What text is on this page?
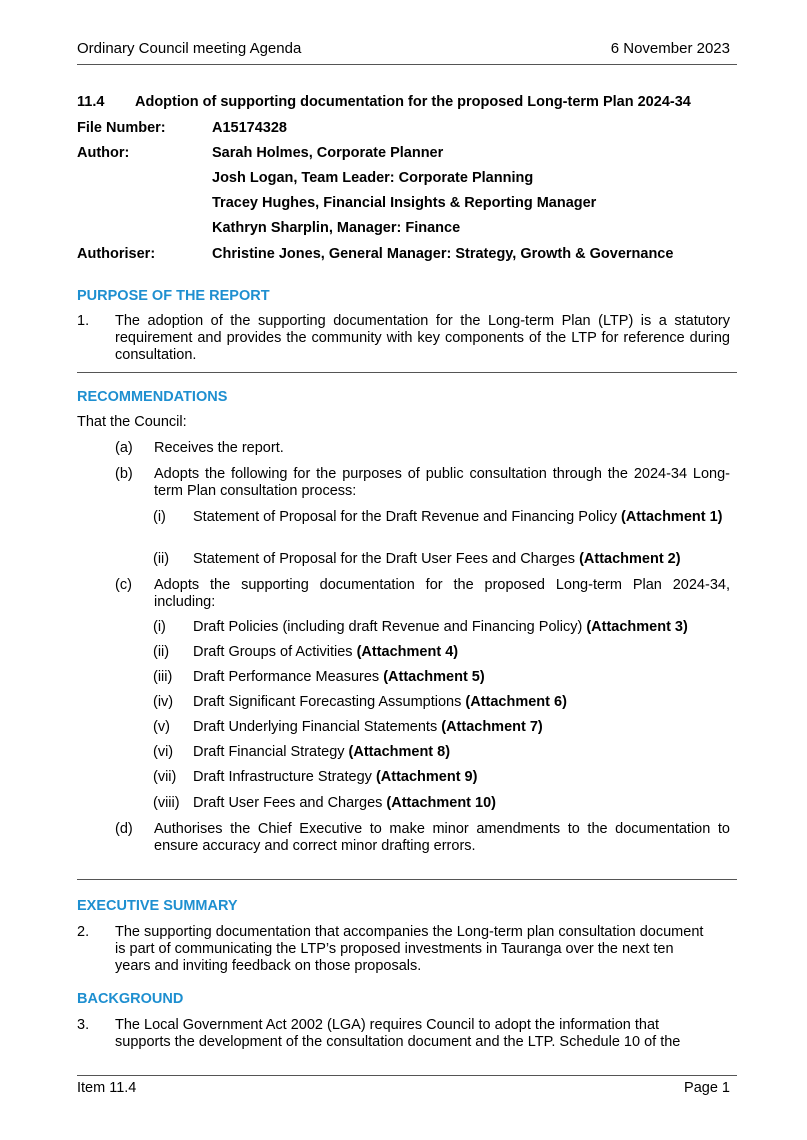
Ordinary Council meeting Agenda	6 November 2023
11.4 Adoption of supporting documentation for the proposed Long-term Plan 2024-34
File Number:	A15174328
Author:	Sarah Holmes, Corporate Planner
Josh Logan, Team Leader: Corporate Planning
Tracey Hughes, Financial Insights & Reporting Manager
Kathryn Sharplin, Manager: Finance
Authoriser:	Christine Jones, General Manager: Strategy, Growth & Governance
PURPOSE OF THE REPORT
1. The adoption of the supporting documentation for the Long-term Plan (LTP) is a statutory requirement and provides the community with key components of the LTP for reference during consultation.
RECOMMENDATIONS
That the Council:
(a) Receives the report.
(b) Adopts the following for the purposes of public consultation through the 2024-34 Long-term Plan consultation process:
(i) Statement of Proposal for the Draft Revenue and Financing Policy (Attachment 1)
(ii) Statement of Proposal for the Draft User Fees and Charges (Attachment 2)
(c) Adopts the supporting documentation for the proposed Long-term Plan 2024-34, including:
(i) Draft Policies (including draft Revenue and Financing Policy) (Attachment 3)
(ii) Draft Groups of Activities (Attachment 4)
(iii) Draft Performance Measures (Attachment 5)
(iv) Draft Significant Forecasting Assumptions (Attachment 6)
(v) Draft Underlying Financial Statements (Attachment 7)
(vi) Draft Financial Strategy (Attachment 8)
(vii) Draft Infrastructure Strategy (Attachment 9)
(viii) Draft User Fees and Charges (Attachment 10)
(d) Authorises the Chief Executive to make minor amendments to the documentation to ensure accuracy and correct minor drafting errors.
EXECUTIVE SUMMARY
2. The supporting documentation that accompanies the Long-term plan consultation document
is part of communicating the LTP’s proposed investments in Tauranga over the next ten
years and inviting feedback on those proposals.
BACKGROUND
3. The Local Government Act 2002 (LGA) requires Council to adopt the information that
supports the development of the consultation document and the LTP. Schedule 10 of the
Item 11.4	Page 1
